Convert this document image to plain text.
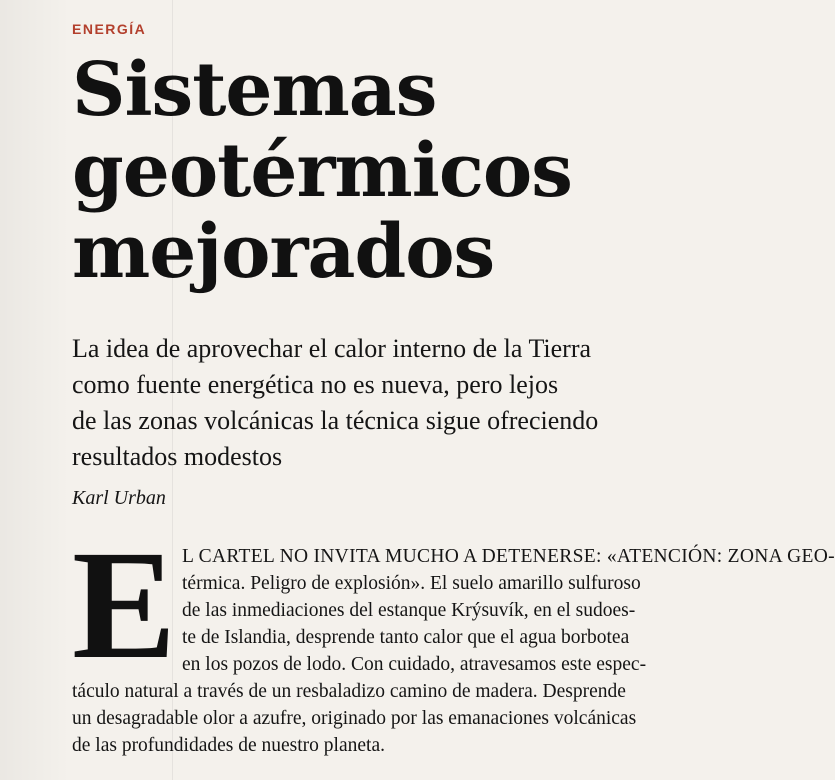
ENERGÍA
Sistemas
geotérmicos
mejorados

La idea de aprovechar el calor interno de la Tierra
como fuente energética no es nueva, pero lejos
de las zonas volcánicas la técnica sigue ofreciendo
resultados modestos

Karl Urban
E L CARTEL NO INVITA MUCHO A DETENERSE: «ATENCIÓN: ZONA GEO-
térmica. Peligro de explosión». El suelo amarillo sulfuroso
de las inmediaciones del estanque Krýsuvík, en el sudoes-
te de Islandia, desprende tanto calor que el agua borbotea
en los pozos de lodo. Con cuidado, atravesamos este espec-
táculo natural a través de un resbaladizo camino de madera. Desprende
un desagradable olor a azufre, originado por las emanaciones volcánicas
de las profundidades de nuestro planeta.
